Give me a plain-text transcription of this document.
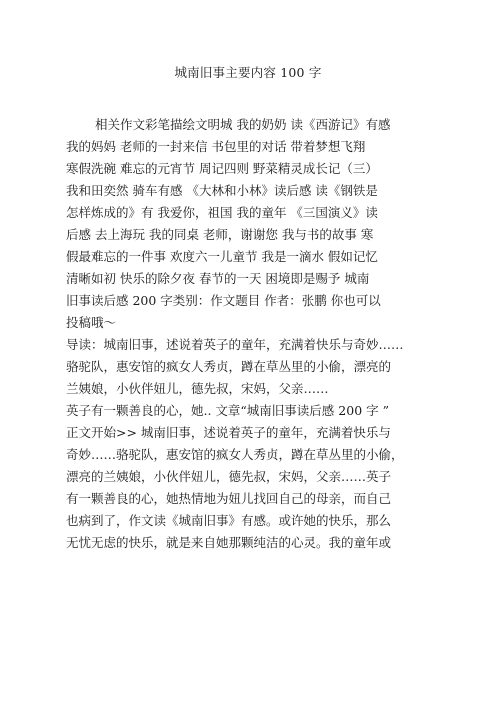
城南旧事主要内容 100 字
相关作文彩笔描绘文明城 我的奶奶 读《西游记》有感
我的妈妈 老师的一封来信 书包里的对话 带着梦想飞翔
寒假洗碗 难忘的元宵节 周记四则 野菜精灵成长记（三）
我和田奕然 骑车有感 《大林和小林》读后感 读《钢铁是
怎样炼成的》有 我爱你，祖国 我的童年 《三国演义》读
后感 去上海玩 我的同桌 老师，谢谢您 我与书的故事 寒
假最难忘的一件事 欢度六一儿童节 我是一滴水 假如记忆
清晰如初 快乐的除夕夜 春节的一天 困境即是赐予 城南
旧事读后感 200 字类别：作文题目 作者：张鹏 你也可以
投稿哦～
导读：城南旧事，述说着英子的童年，充满着快乐与奇妙……
骆驼队，惠安馆的疯女人秀贞，蹲在草丛里的小偷，漂亮的
兰姨娘，小伙伴妞儿，德先叔，宋妈，父亲……
英子有一颗善良的心，她.. 文章“城南旧事读后感 200 字 ”
正文开始>> 城南旧事，述说着英子的童年，充满着快乐与
奇妙……骆驼队，惠安馆的疯女人秀贞，蹲在草丛里的小偷，
漂亮的兰姨娘，小伙伴妞儿，德先叔，宋妈，父亲……英子
有一颗善良的心，她热情地为妞儿找回自己的母亲，而自己
也病到了，作文读《城南旧事》有感。或许她的快乐，那么
无忧无虑的快乐，就是来自她那颗纯洁的心灵。我的童年或
